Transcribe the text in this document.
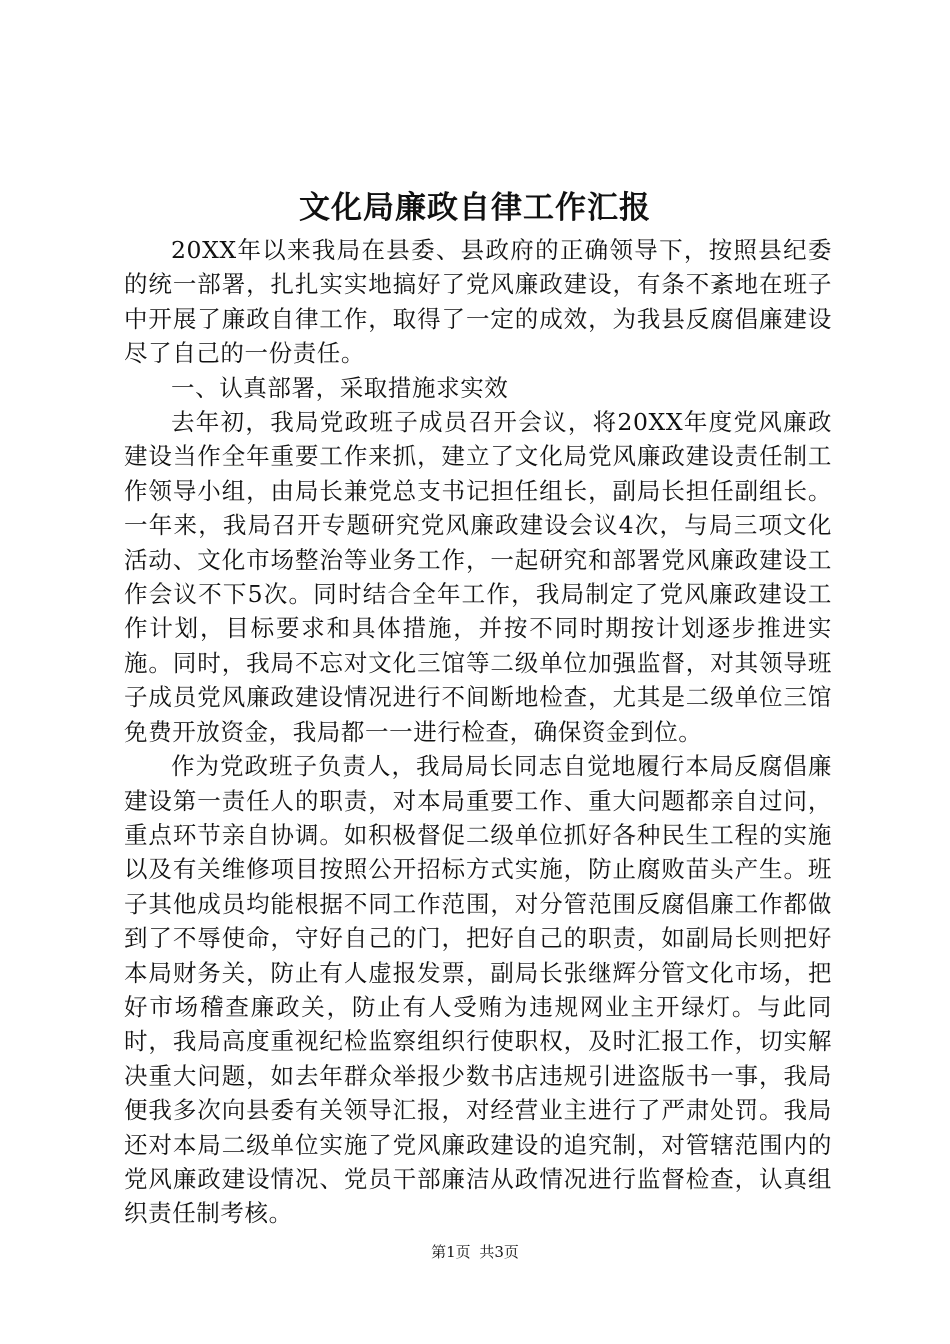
文化局廉政自律工作汇报

20XX年以来我局在县委、县政府的正确领导下，按照县纪委的统一部署，扎扎实实地搞好了党风廉政建设，有条不紊地在班子中开展了廉政自律工作，取得了一定的成效，为我县反腐倡廉建设尽了自己的一份责任。

一、认真部署，采取措施求实效

去年初，我局党政班子成员召开会议，将20XX年度党风廉政建设当作全年重要工作来抓，建立了文化局党风廉政建设责任制工作领导小组，由局长兼党总支书记担任组长，副局长担任副组长。一年来，我局召开专题研究党风廉政建设会议4次，与局三项文化活动、文化市场整治等业务工作，一起研究和部署党风廉政建设工作会议不下5次。同时结合全年工作，我局制定了党风廉政建设工作计划，目标要求和具体措施，并按不同时期按计划逐步推进实施。同时，我局不忘对文化三馆等二级单位加强监督，对其领导班子成员党风廉政建设情况进行不间断地检查，尤其是二级单位三馆免费开放资金，我局都一一进行检查，确保资金到位。

作为党政班子负责人，我局局长同志自觉地履行本局反腐倡廉建设第一责任人的职责，对本局重要工作、重大问题都亲自过问，重点环节亲自协调。如积极督促二级单位抓好各种民生工程的实施以及有关维修项目按照公开招标方式实施，防止腐败苗头产生。班子其他成员均能根据不同工作范围，对分管范围反腐倡廉工作都做到了不辱使命，守好自己的门，把好自己的职责，如副局长则把好本局财务关，防止有人虚报发票，副局长张继辉分管文化市场，把好市场稽查廉政关，防止有人受贿为违规网业主开绿灯。与此同时，我局高度重视纪检监察组织行使职权，及时汇报工作，切实解决重大问题，如去年群众举报少数书店违规引进盗版书一事，我局便我多次向县委有关领导汇报，对经营业主进行了严肃处罚。我局还对本局二级单位实施了党风廉政建设的追究制，对管辖范围内的党风廉政建设情况、党员干部廉洁从政情况进行监督检查，认真组织责任制考核。

第1页 共3页
